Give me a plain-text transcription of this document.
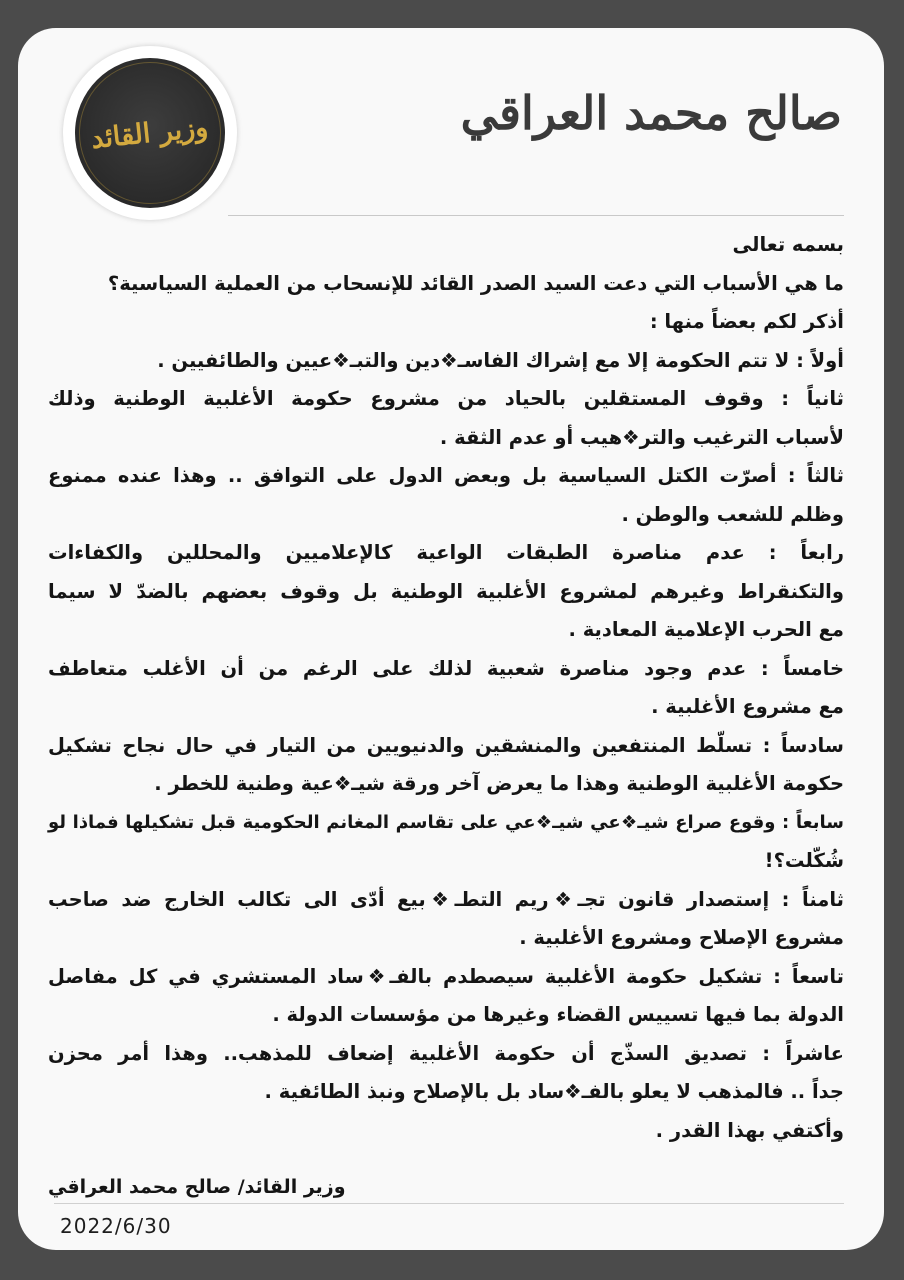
وزير القائد	صالح محمد العراقي
بسمه تعالى
ما هي الأسباب التي دعت السيد الصدر القائد للإنسحاب من العملية السياسية؟
أذكر لكم بعضاً منها :
أولاً : لا تتم الحكومة إلا مع إشراك الفاسـ❖دين والتبـ❖عيين والطائفيين .
ثانياً : وقوف المستقلين بالحياد من مشروع حكومة الأغلبية الوطنية وذلك
لأسباب الترغيب والتر❖هيب أو عدم الثقة .
ثالثاً : أصرّت الكتل السياسية بل وبعض الدول على التوافق .. وهذا عنده ممنوع
وظلم للشعب والوطن .
رابعاً : عدم مناصرة الطبقات الواعية كالإعلاميين والمحللين والكفاءات
والتكنقراط وغيرهم لمشروع الأغلبية الوطنية بل وقوف بعضهم بالضدّ لا سيما
مع الحرب الإعلامية المعادية .
خامساً : عدم وجود مناصرة شعبية لذلك على الرغم من أن الأغلب متعاطف
مع مشروع الأغلبية .
سادساً : تسلّط المنتفعين والمنشقين والدنيويين من التيار في حال نجاح تشكيل
حكومة الأغلبية الوطنية وهذا ما يعرض آخر ورقة شيـ❖عية وطنية للخطر .
سابعاً : وقوع صراع شيـ❖عي شيـ❖عي على تقاسم المغانم الحكومية قبل تشكيلها فماذا لو
شُكّلت؟!
ثامناً : إستصدار قانون تجـ❖ريم التطـ❖بيع أدّى الى تكالب الخارج ضد صاحب
مشروع الإصلاح ومشروع الأغلبية .
تاسعاً : تشكيل حكومة الأغلبية سيصطدم بالفـ❖ساد المستشري في كل مفاصل
الدولة بما فيها تسييس القضاء وغيرها من مؤسسات الدولة .
عاشراً : تصديق السذّج أن حكومة الأغلبية إضعاف للمذهب.. وهذا أمر محزن
جداً .. فالمذهب لا يعلو بالفـ❖ساد بل بالإصلاح ونبذ الطائفية .
وأكتفي بهذا القدر .
وزير القائد/ صالح محمد العراقي
2022/6/30
